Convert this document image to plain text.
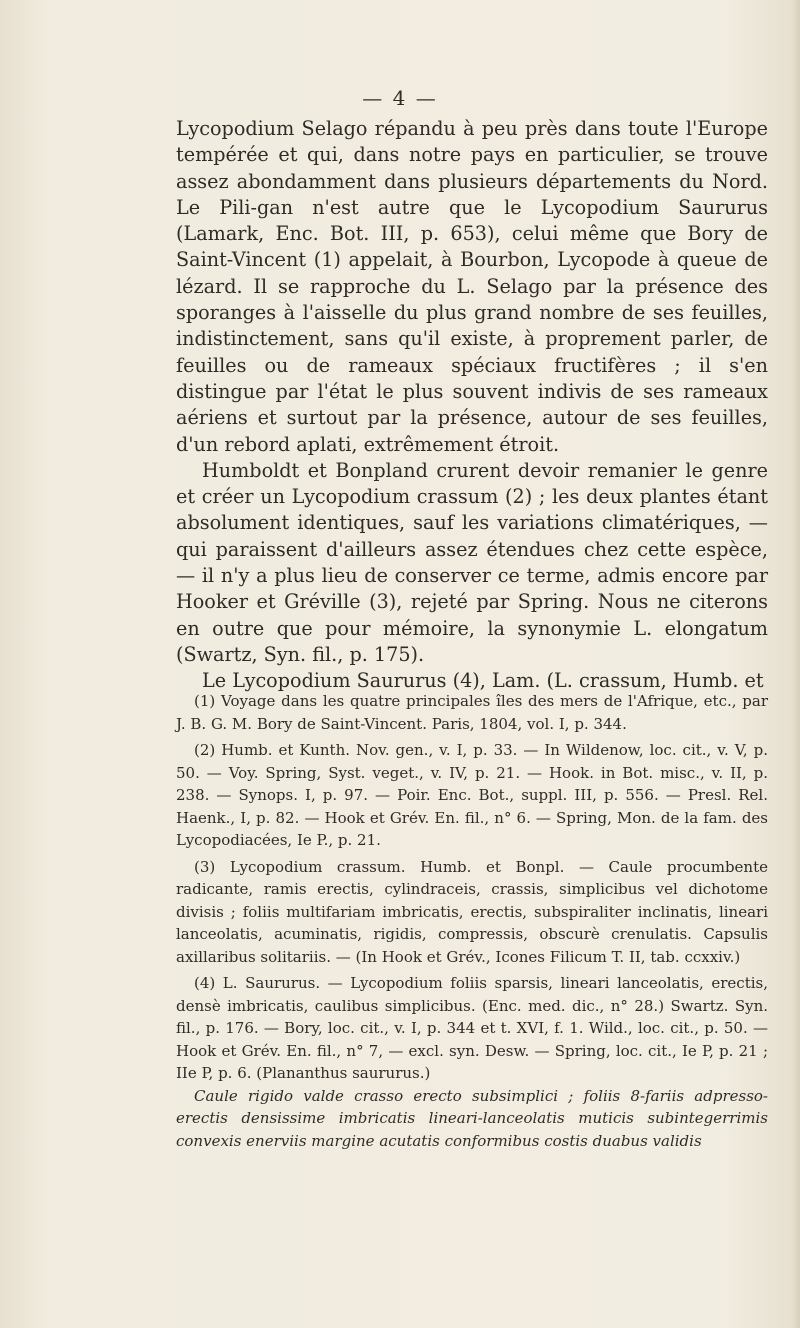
— 4 —

Lycopodium Selago répandu à peu près dans toute l'Europe tempérée et qui, dans notre pays en particulier, se trouve assez abondamment dans plusieurs départements du Nord. Le Pili-gan n'est autre que le Lycopodium Saururus (Lamark, Enc. Bot. III, p. 653), celui même que Bory de Saint-Vincent (1) appelait, à Bourbon, Lycopode à queue de lézard. Il se rapproche du L. Selago par la présence des sporanges à l'aisselle du plus grand nombre de ses feuilles, indistinctement, sans qu'il existe, à proprement parler, de feuilles ou de rameaux spéciaux fructifères ; il s'en distingue par l'état le plus souvent indivis de ses rameaux aériens et surtout par la présence, autour de ses feuilles, d'un rebord aplati, extrêmement étroit.

Humboldt et Bonpland crurent devoir remanier le genre et créer un Lycopodium crassum (2) ; les deux plantes étant absolument identiques, sauf les variations climatériques, — qui paraissent d'ailleurs assez étendues chez cette espèce, — il n'y a plus lieu de conserver ce terme, admis encore par Hooker et Gréville (3), rejeté par Spring. Nous ne citerons en outre que pour mémoire, la synonymie L. elongatum (Swartz, Syn. fil., p. 175).

Le Lycopodium Saururus (4), Lam. (L. crassum, Humb. et

(1) Voyage dans les quatre principales îles des mers de l'Afrique, etc., par J. B. G. M. Bory de Saint-Vincent. Paris, 1804, vol. I, p. 344.

(2) Humb. et Kunth. Nov. gen., v. I, p. 33. — In Wildenow, loc. cit., v. V, p. 50. — Voy. Spring, Syst. veget., v. IV, p. 21. — Hook. in Bot. misc., v. II, p. 238. — Synops. I, p. 97. — Poir. Enc. Bot., suppl. III, p. 556. — Presl. Rel. Haenk., I, p. 82. — Hook et Grév. En. fil., n° 6. — Spring, Mon. de la fam. des Lycopodiacées, Ie P., p. 21.

(3) Lycopodium crassum. Humb. et Bonpl. — Caule procumbente radicante, ramis erectis, cylindraceis, crassis, simplicibus vel dichotome divisis ; foliis multifariam imbricatis, erectis, subspiraliter inclinatis, lineari lanceolatis, acuminatis, rigidis, compressis, obscurè crenulatis. Capsulis axillaribus solitariis. — (In Hook et Grév., Icones Filicum T. II, tab. ccxxiv.)

(4) L. Saururus. — Lycopodium foliis sparsis, lineari lanceolatis, erectis, densè imbricatis, caulibus simplicibus. (Enc. med. dic., n° 28.) Swartz. Syn. fil., p. 176. — Bory, loc. cit., v. I, p. 344 et t. XVI, f. 1. Wild., loc. cit., p. 50. — Hook et Grév. En. fil., n° 7, — excl. syn. Desw. — Spring, loc. cit., Ie P, p. 21 ; IIe P, p. 6. (Plananthus saururus.)

Caule rigido valde crasso erecto subsimplici ; foliis 8-fariis adpresso-erectis densissime imbricatis lineari-lanceolatis muticis subintegerrimis convexis enerviis margine acutatis conformibus costis duabus validis
